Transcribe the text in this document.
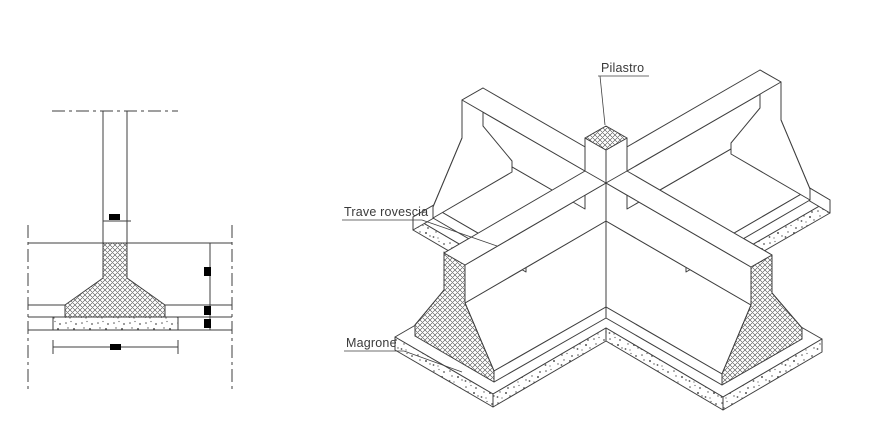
Pilastro
Trave rovescia
Magrone
